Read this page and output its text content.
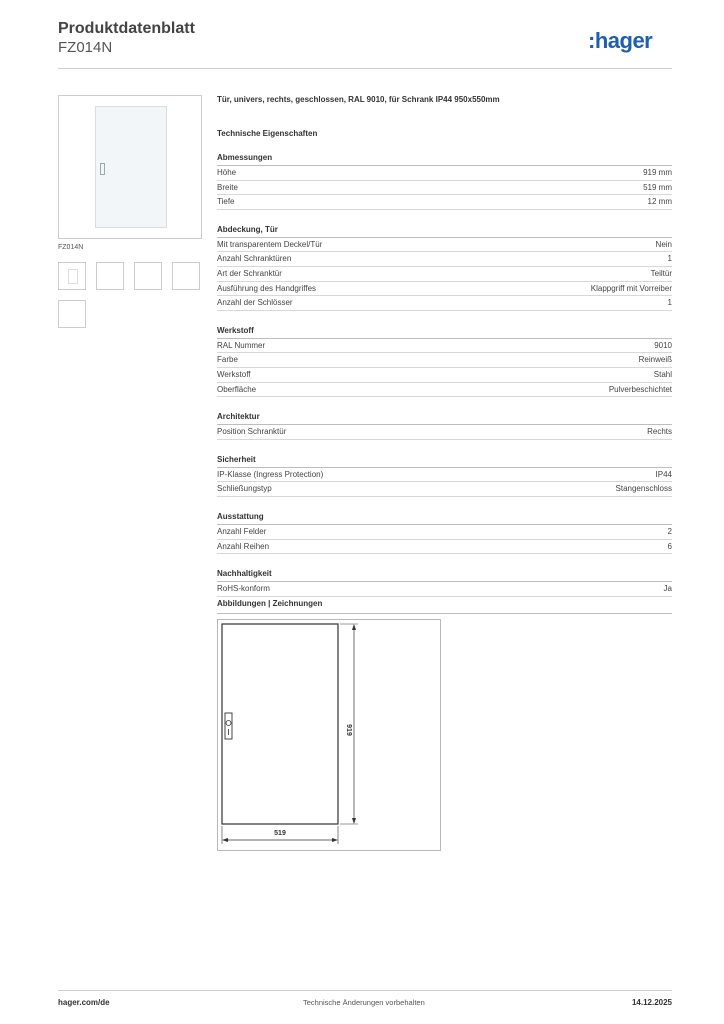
Produktdatenblatt
FZ014N	:hager
FZ014N
Tür, univers, rechts, geschlossen, RAL 9010, für Schrank IP44 950x550mm
Technische Eigenschaften
Abmessungen
Höhe	919 mm
Breite	519 mm
Tiefe	12 mm
Abdeckung, Tür
Mit transparentem Deckel/Tür	Nein
Anzahl Schranktüren	1
Art der Schranktür	Teiltür
Ausführung des Handgriffes	Klappgriff mit Vorreiber
Anzahl der Schlösser	1
Werkstoff
RAL Nummer	9010
Farbe	Reinweiß
Werkstoff	Stahl
Oberfläche	Pulverbeschichtet
Architektur
Position Schranktür	Rechts
Sicherheit
IP-Klasse (Ingress Protection)	IP44
Schließungstyp	Stangenschloss
Ausstattung
Anzahl Felder	2
Anzahl Reihen	6
Nachhaltigkeit
RoHS-konform	Ja
Abbildungen | Zeichnungen
919
519
hager.com/de	Technische Änderungen vorbehalten	14.12.2025
